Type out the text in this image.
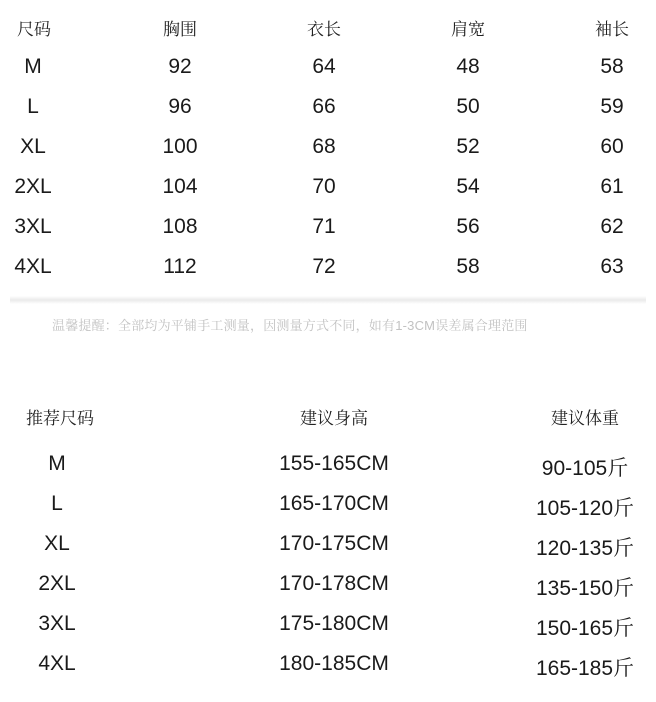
尺码	胸围	衣长	肩宽	袖长
M	92	64	48	58
L	96	66	50	59
XL	100	68	52	60
2XL	104	70	54	61
3XL	108	71	56	62
4XL	112	72	58	63
温馨提醒：全部均为平铺手工测量，因测量方式不同，如有1-3CM误差属合理范围
推荐尺码	建议身高	建议体重
M	155-165CM	90-105斤
L	165-170CM	105-120斤
XL	170-175CM	120-135斤
2XL	170-178CM	135-150斤
3XL	175-180CM	150-165斤
4XL	180-185CM	165-185斤
